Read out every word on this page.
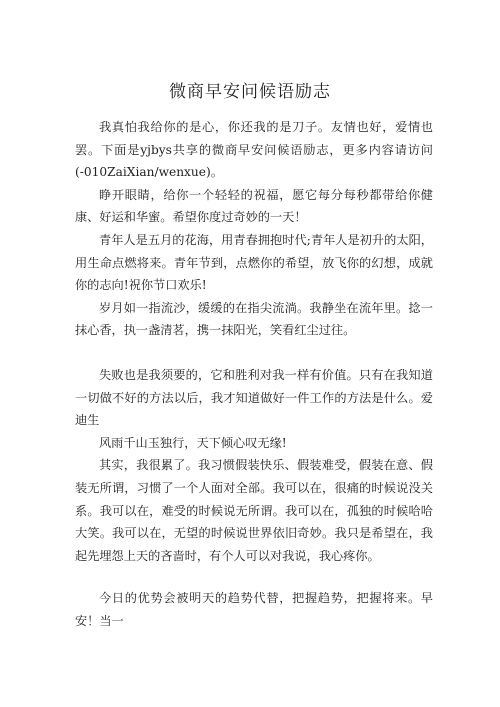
微商早安问候语励志

我真怕我给你的是心，你还我的是刀子。友情也好，爱情也罢。下面是yjbys共享的微商早安问候语励志，更多内容请访问(-010ZaiXian/wenxue)。

睁开眼睛，给你一个轻轻的祝福，愿它每分每秒都带给你健康、好运和华蜜。希望你度过奇妙的一天！

青年人是五月的花海，用青春拥抱时代;青年人是初升的太阳，用生命点燃将来。青年节到，点燃你的希望，放飞你的幻想，成就你的志向!祝你节口欢乐!

岁月如一指流沙，缓缓的在指尖流淌。我静坐在流年里。捻一抹心香，执一盏清茗，携一抹阳光，笑看红尘过往。

失败也是我须要的，它和胜利对我一样有价值。只有在我知道一切做不好的方法以后，我才知道做好一件工作的方法是什么。爱迪生

风雨千山玉独行，天下倾心叹无缘!

其实，我很累了。我习惯假装快乐、假装难受，假装在意、假装无所谓，习惯了一个人面对全部。我可以在，很痛的时候说没关系。我可以在，难受的时候说无所谓。我可以在，孤独的时候哈哈大笑。我可以在，无望的时候说世界依旧奇妙。我只是希望在，我起先埋怨上天的吝啬时，有个人可以对我说，我心疼你。

今日的优势会被明天的趋势代替，把握趋势，把握将来。早安！当一
